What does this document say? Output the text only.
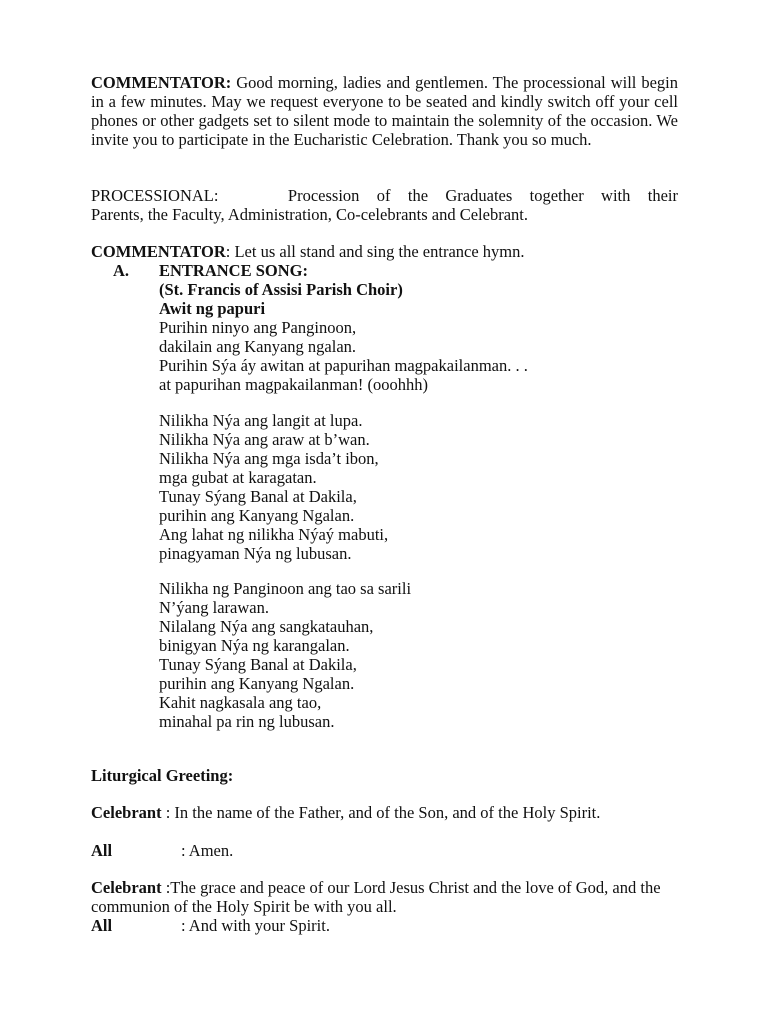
COMMENTATOR: Good morning, ladies and gentlemen. The processional will begin in a few minutes. May we request everyone to be seated and kindly switch off your cell phones or other gadgets set to silent mode to maintain the solemnity of the occasion. We invite you to participate in the Eucharistic Celebration. Thank you so much.
PROCESSIONAL:	Procession of the Graduates together with their
Parents, the Faculty, Administration, Co-celebrants and Celebrant.
COMMENTATOR: Let us all stand and sing the entrance hymn.
A. ENTRANCE SONG:
(St. Francis of Assisi Parish Choir)
Awit ng papuri
Purihin ninyo ang Panginoon,
dakilain ang Kanyang ngalan.
Purihin Sýa áy awitan at papurihan magpakailanman. . .
at papurihan magpakailanman! (ooohhh)
Nilikha Nýa ang langit at lupa.
Nilikha Nýa ang araw at b’wan.
Nilikha Nýa ang mga isda’t ibon,
mga gubat at karagatan.
Tunay Sýang Banal at Dakila,
purihin ang Kanyang Ngalan.
Ang lahat ng nilikha Nýaý mabuti,
pinagyaman Nýa ng lubusan.
Nilikha ng Panginoon ang tao sa sarili
N’ýang larawan.
Nilalang Nýa ang sangkatauhan,
binigyan Nýa ng karangalan.
Tunay Sýang Banal at Dakila,
purihin ang Kanyang Ngalan.
Kahit nagkasala ang tao,
minahal pa rin ng lubusan.
Liturgical Greeting:
Celebrant : In the name of the Father, and of the Son, and of the Holy Spirit.
All	: Amen.
Celebrant :The grace and peace of our Lord Jesus Christ and the love of God, and the communion of the Holy Spirit be with you all.
All	: And with your Spirit.
